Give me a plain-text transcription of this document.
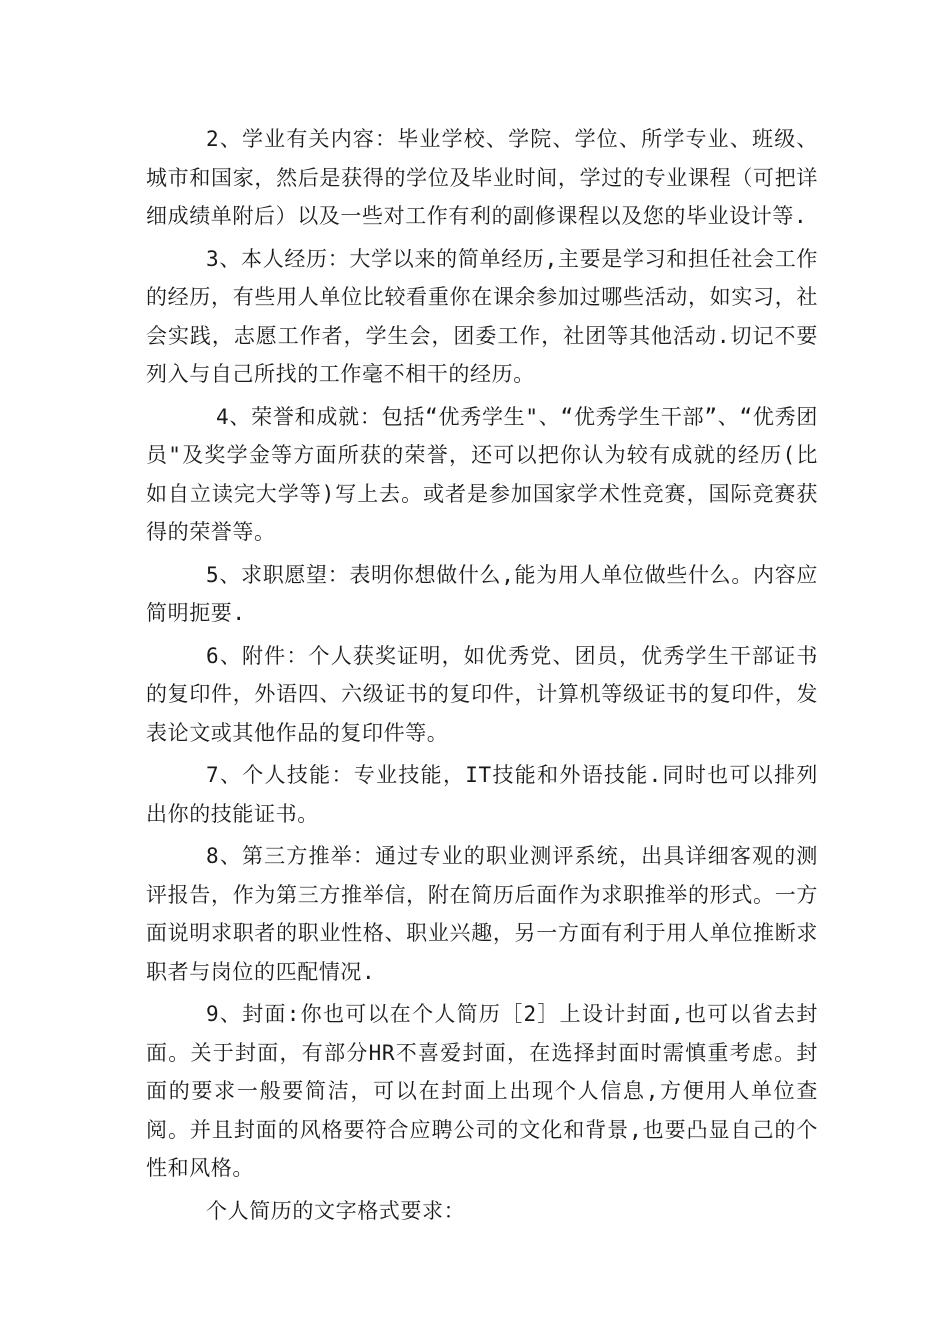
2、学业有关内容：毕业学校、学院、学位、所学专业、班级、城市和国家，然后是获得的学位及毕业时间，学过的专业课程（可把详细成绩单附后）以及一些对工作有利的副修课程以及您的毕业设计等.

3、本人经历：大学以来的简单经历,主要是学习和担任社会工作的经历，有些用人单位比较看重你在课余参加过哪些活动，如实习，社会实践，志愿工作者，学生会，团委工作，社团等其他活动.切记不要列入与自己所找的工作毫不相干的经历。

4、荣誉和成就：包括“优秀学生"、“优秀学生干部”、“优秀团员"及奖学金等方面所获的荣誉，还可以把你认为较有成就的经历(比如自立读完大学等)写上去。或者是参加国家学术性竞赛，国际竞赛获得的荣誉等。

5、求职愿望：表明你想做什么,能为用人单位做些什么。内容应简明扼要.

6、附件：个人获奖证明，如优秀党、团员，优秀学生干部证书的复印件，外语四、六级证书的复印件，计算机等级证书的复印件，发表论文或其他作品的复印件等。

7、个人技能：专业技能，IT技能和外语技能.同时也可以排列出你的技能证书。

8、第三方推举：通过专业的职业测评系统，出具详细客观的测评报告，作为第三方推举信，附在简历后面作为求职推举的形式。一方面说明求职者的职业性格、职业兴趣，另一方面有利于用人单位推断求职者与岗位的匹配情况.

9、封面:你也可以在个人简历［2］上设计封面,也可以省去封面。关于封面，有部分HR不喜爱封面，在选择封面时需慎重考虑。封面的要求一般要简洁，可以在封面上出现个人信息,方便用人单位查阅。并且封面的风格要符合应聘公司的文化和背景,也要凸显自己的个性和风格。

个人简历的文字格式要求：
